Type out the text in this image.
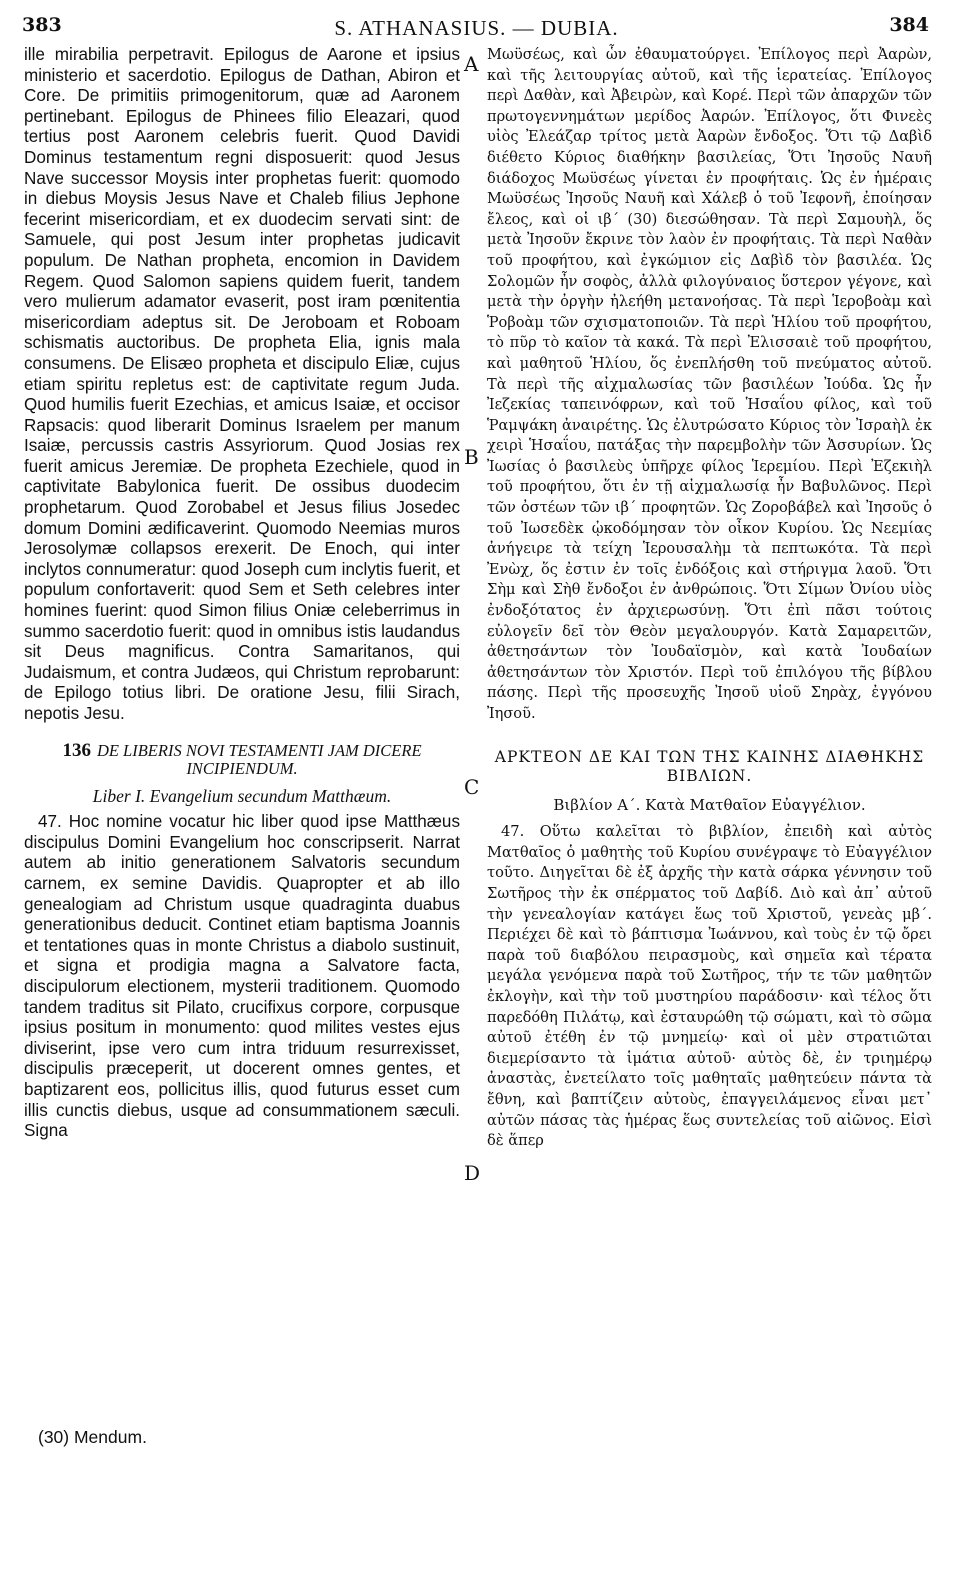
383	S. ATHANASIUS. — DUBIA.	384

ille mirabilia perpetravit. Epilogus de Aarone et ipsius ministerio et sacerdotio. Epilogus de Dathan, Abiron et Core. De primitiis primogenitorum, quæ ad Aaronem pertinebant. Epilogus de Phinees filio Eleazari, quod tertius post Aaronem celebris fuerit. Quod Davidi Dominus testamentum regni disposuerit: quod Jesus Nave successor Moysis inter prophetas fuerit: quomodo in diebus Moysis Jesus Nave et Chaleb filius Jephone fecerint misericordiam, et ex duodecim servati sint: de Samuele, qui post Jesum inter prophetas judicavit populum. De Nathan propheta, encomion in Davidem Regem. Quod Salomon sapiens quidem fuerit, tandem vero mulierum adamator evaserit, post iram pœnitentia misericordiam adeptus sit. De Jeroboam et Roboam schismatis auctoribus. De propheta Elia, ignis mala consumens. De Elisæo propheta et discipulo Eliæ, cujus etiam spiritu repletus est: de captivitate regum Juda. Quod humilis fuerit Ezechias, et amicus Isaiæ, et occisor Rapsacis: quod liberarit Dominus Israelem per manum Isaiæ, percussis castris Assyriorum. Quod Josias rex fuerit amicus Jeremiæ. De propheta Ezechiele, quod in captivitate Babylonica fuerit. De ossibus duodecim prophetarum. Quod Zorobabel et Jesus filius Josedec domum Domini ædificaverint. Quomodo Neemias muros Jerosolymæ collapsos erexerit. De Enoch, qui inter inclytos connumeratur: quod Joseph cum inclytis fuerit, et populum confortaverit: quod Sem et Seth celebres inter homines fuerint: quod Simon filius Oniæ celeberrimus in summo sacerdotio fuerit: quod in omnibus istis laudandus sit Deus magnificus. Contra Samaritanos, qui Judaismum, et contra Judæos, qui Christum reprobarunt: de Epilogo totius libri. De oratione Jesu, filii Sirach, nepotis Jesu.

136 DE LIBERIS NOVI TESTAMENTI JAM DICERE INCIPIENDUM.
Liber I. Evangelium secundum Matthæum.

47. Hoc nomine vocatur hic liber quod ipse Matthæus discipulus Domini Evangelium hoc conscripserit. Narrat autem ab initio generationem Salvatoris secundum carnem, ex semine Davidis. Quapropter et ab illo genealogiam ad Christum usque quadraginta duabus generationibus deducit. Continet etiam baptisma Joannis et tentationes quas in monte Christus a diabolo sustinuit, et signa et prodigia magna a Salvatore facta, discipulorum electionem, mysterii traditionem. Quomodo tandem traditus sit Pilato, crucifixus corpore, corpusque ipsius positum in monumento: quod milites vestes ejus diviserint, ipse vero cum intra triduum resurrexisset, discipulis præceperit, ut docerent omnes gentes, et baptizarent eos, pollicitus illis, quod futurus esset cum illis cunctis diebus, usque ad consummationem sæculi. Signa

Μωϋσέως, καὶ ὧν ἐθαυματούργει. Ἐπίλογος περὶ Ἀαρὼν, καὶ τῆς λειτουργίας αὐτοῦ, καὶ τῆς ἱερατείας. Ἐπίλογος περὶ Δαθὰν, καὶ Ἀβειρὼν, καὶ Κορέ. Περὶ τῶν ἀπαρχῶν τῶν πρωτογεννημάτων μερίδος Ἀαρών. Ἐπίλογος, ὅτι Φινεὲς υἱὸς Ἐλεάζαρ τρίτος μετὰ Ἀαρὼν ἔνδοξος. Ὅτι τῷ Δαβὶδ διέθετο Κύριος διαθήκην βασιλείας, Ὅτι Ἰησοῦς Ναυῆ διάδοχος Μωϋσέως γίνεται ἐν προφήταις. Ὡς ἐν ἡμέραις Μωϋσέως Ἰησοῦς Ναυῆ καὶ Χάλεβ ὁ τοῦ Ἰεφονῆ, ἐποίησαν ἔλεος, καὶ οἱ ιβ΄ (30) διεσώθησαν. Τὰ περὶ Σαμουὴλ, ὅς μετὰ Ἰησοῦν ἔκρινε τὸν λαὸν ἐν προφήταις. Τὰ περὶ Ναθὰν τοῦ προφήτου, καὶ ἐγκώμιον εἰς Δαβὶδ τὸν βασιλέα. Ὡς Σολομῶν ἦν σοφὸς, ἀλλὰ φιλογύναιος ὕστερον γέγονε, καὶ μετὰ τὴν ὀργὴν ἠλεήθη μετανοήσας. Τὰ περὶ Ἱεροβοὰμ καὶ Ῥοβοὰμ τῶν σχισματοποιῶν. Τὰ περὶ Ἡλίου τοῦ προφήτου, τὸ πῦρ τὸ καῖον τὰ κακά. Τὰ περὶ Ἐλισσαιὲ τοῦ προφήτου, καὶ μαθητοῦ Ἡλίου, ὅς ἐνεπλήσθη τοῦ πνεύματος αὐτοῦ. Τὰ περὶ τῆς αἰχμαλωσίας τῶν βασιλέων Ἰούδα. Ὡς ἦν Ἰεζεκίας ταπεινόφρων, καὶ τοῦ Ἡσαΐου φίλος, καὶ τοῦ Ῥαμψάκη ἀναιρέτης. Ὡς ἐλυτρώσατο Κύριος τὸν Ἰσραὴλ ἐκ χειρὶ Ἡσαΐου, πατάξας τὴν παρεμβολὴν τῶν Ἀσσυρίων. Ὡς Ἰωσίας ὁ βασιλεὺς ὑπῆρχε φίλος Ἱερεμίου. Περὶ Ἐζεκιὴλ τοῦ προφήτου, ὅτι ἐν τῇ αἰχμαλωσίᾳ ἦν Βαβυλῶνος. Περὶ τῶν ὀστέων τῶν ιβ΄ προφητῶν. Ὡς Ζοροβάβελ καὶ Ἰησοῦς ὁ τοῦ Ἰωσεδὲκ ᾠκοδόμησαν τὸν οἶκον Κυρίου. Ὡς Νεεμίας ἀνήγειρε τὰ τείχη Ἱερουσαλὴμ τὰ πεπτωκότα. Τὰ περὶ Ἐνὼχ, ὅς ἐστιν ἐν τοῖς ἐνδόξοις καὶ στήριγμα λαοῦ. Ὅτι Σὴμ καὶ Σὴθ ἔνδοξοι ἐν ἀνθρώποις. Ὅτι Σίμων Ὀνίου υἱὸς ἐνδοξότατος ἐν ἀρχιερωσύνῃ. Ὅτι ἐπὶ πᾶσι τούτοις εὐλογεῖν δεῖ τὸν Θεὸν μεγαλουργόν. Κατὰ Σαμαρειτῶν, ἀθετησάντων τὸν Ἰουδαϊσμὸν, καὶ κατὰ Ἰουδαίων ἀθετησάντων τὸν Χριστόν. Περὶ τοῦ ἐπιλόγου τῆς βίβλου πάσης. Περὶ τῆς προσευχῆς Ἰησοῦ υἱοῦ Σηρὰχ, ἐγγόνου Ἰησοῦ.

ΑΡΚΤΕΟΝ ΔΕ ΚΑΙ ΤΩΝ ΤΗΣ ΚΑΙΝΗΣ ΔΙΑΘΗΚΗΣ ΒΙΒΛΙΩΝ.
Βιβλίον Α΄. Κατὰ Ματθαῖον Εὐαγγέλιον.

47. Οὕτω καλεῖται τὸ βιβλίον, ἐπειδὴ καὶ αὐτὸς Ματθαῖος ὁ μαθητὴς τοῦ Κυρίου συνέγραψε τὸ Εὐαγγέλιον τοῦτο. Διηγεῖται δὲ ἐξ ἀρχῆς τὴν κατὰ σάρκα γέννησιν τοῦ Σωτῆρος τὴν ἐκ σπέρματος τοῦ Δαβίδ. Διὸ καὶ ἀπ᾽ αὐτοῦ τὴν γενεαλογίαν κατάγει ἕως τοῦ Χριστοῦ, γενεὰς μβ΄. Περιέχει δὲ καὶ τὸ βάπτισμα Ἰωάννου, καὶ τοὺς ἐν τῷ ὄρει παρὰ τοῦ διαβόλου πειρασμοὺς, καὶ σημεῖα καὶ τέρατα μεγάλα γενόμενα παρὰ τοῦ Σωτῆρος, τήν τε τῶν μαθητῶν ἐκλογὴν, καὶ τὴν τοῦ μυστηρίου παράδοσιν· καὶ τέλος ὅτι παρεδόθη Πιλάτῳ, καὶ ἐσταυρώθη τῷ σώματι, καὶ τὸ σῶμα αὐτοῦ ἐτέθη ἐν τῷ μνημείῳ· καὶ οἱ μὲν στρατιῶται διεμερίσαντο τὰ ἱμάτια αὐτοῦ· αὐτὸς δὲ, ἐν τριημέρῳ ἀναστὰς, ἐνετείλατο τοῖς μαθηταῖς μαθητεύειν πάντα τὰ ἔθνη, καὶ βαπτίζειν αὐτοὺς, ἐπαγγειλάμενος εἶναι μετ᾽ αὐτῶν πάσας τὰς ἡμέρας ἕως συντελείας τοῦ αἰῶνος. Εἰσὶ δὲ ἅπερ

A
B
C
D
(30) Mendum.
